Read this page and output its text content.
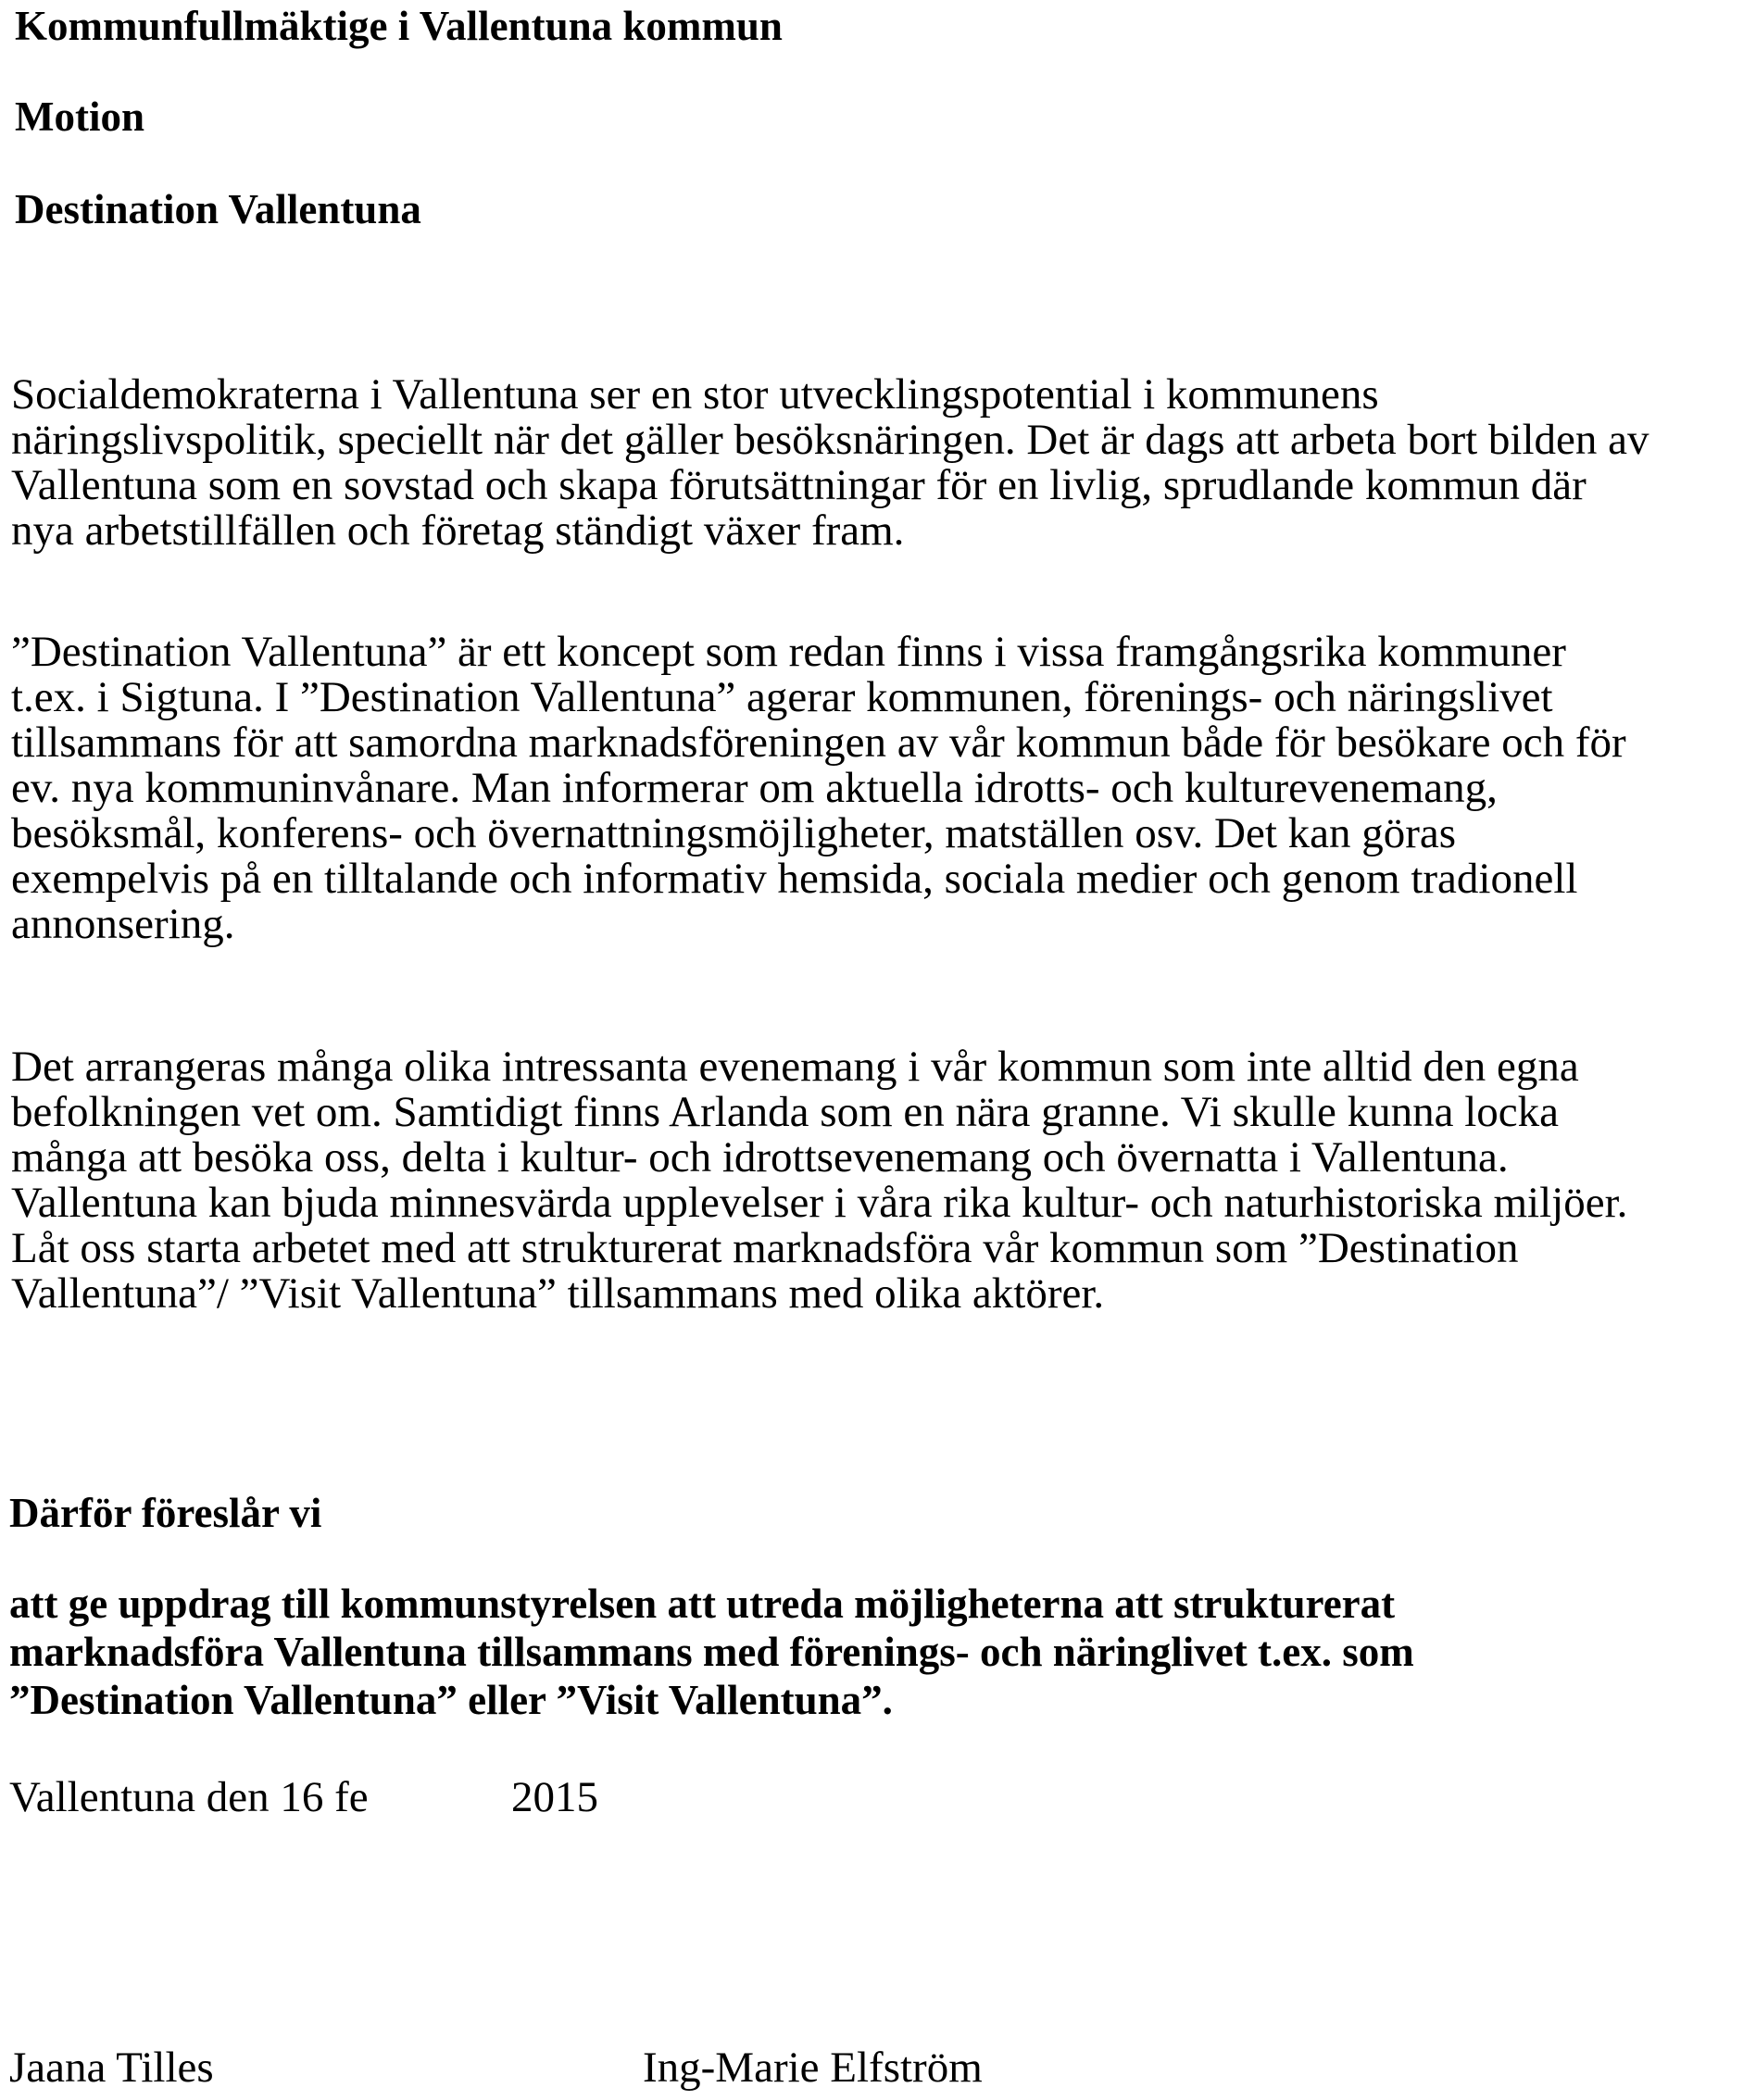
Kommunfullmäktige i Vallentuna kommun
Motion
Destination Vallentuna

Socialdemokraterna i Vallentuna ser en stor utvecklingspotential i kommunens
näringslivspolitik, speciellt när det gäller besöksnäringen. Det är dags att arbeta bort bilden av
Vallentuna som en sovstad och skapa förutsättningar för en livlig, sprudlande kommun där
nya arbetstillfällen och företag ständigt växer fram.

”Destination Vallentuna” är ett koncept som redan finns i vissa framgångsrika kommuner
t.ex. i Sigtuna. I ”Destination Vallentuna” agerar kommunen, förenings- och näringslivet
tillsammans för att samordna marknadsföreningen av vår kommun både för besökare och för
ev. nya kommuninvånare. Man informerar om aktuella idrotts- och kulturevenemang,
besöksmål, konferens- och övernattningsmöjligheter, matställen osv. Det kan göras
exempelvis på en tilltalande och informativ hemsida, sociala medier och genom tradionell
annonsering.

Det arrangeras många olika intressanta evenemang i vår kommun som inte alltid den egna
befolkningen vet om. Samtidigt finns Arlanda som en nära granne. Vi skulle kunna locka
många att besöka oss, delta i kultur- och idrottsevenemang och övernatta i Vallentuna.
Vallentuna kan bjuda minnesvärda upplevelser i våra rika kultur- och naturhistoriska miljöer.
Låt oss starta arbetet med att strukturerat marknadsföra vår kommun som ”Destination
Vallentuna”/ ”Visit Vallentuna” tillsammans med olika aktörer.

Därför föreslår vi

att ge uppdrag till kommunstyrelsen att utreda möjligheterna att strukturerat
marknadsföra Vallentuna tillsammans med förenings- och näringlivet t.ex. som
”Destination Vallentuna” eller ”Visit Vallentuna”.

Vallentuna den 16 fe	2015

Jaana Tilles	Ing-Marie Elfström
